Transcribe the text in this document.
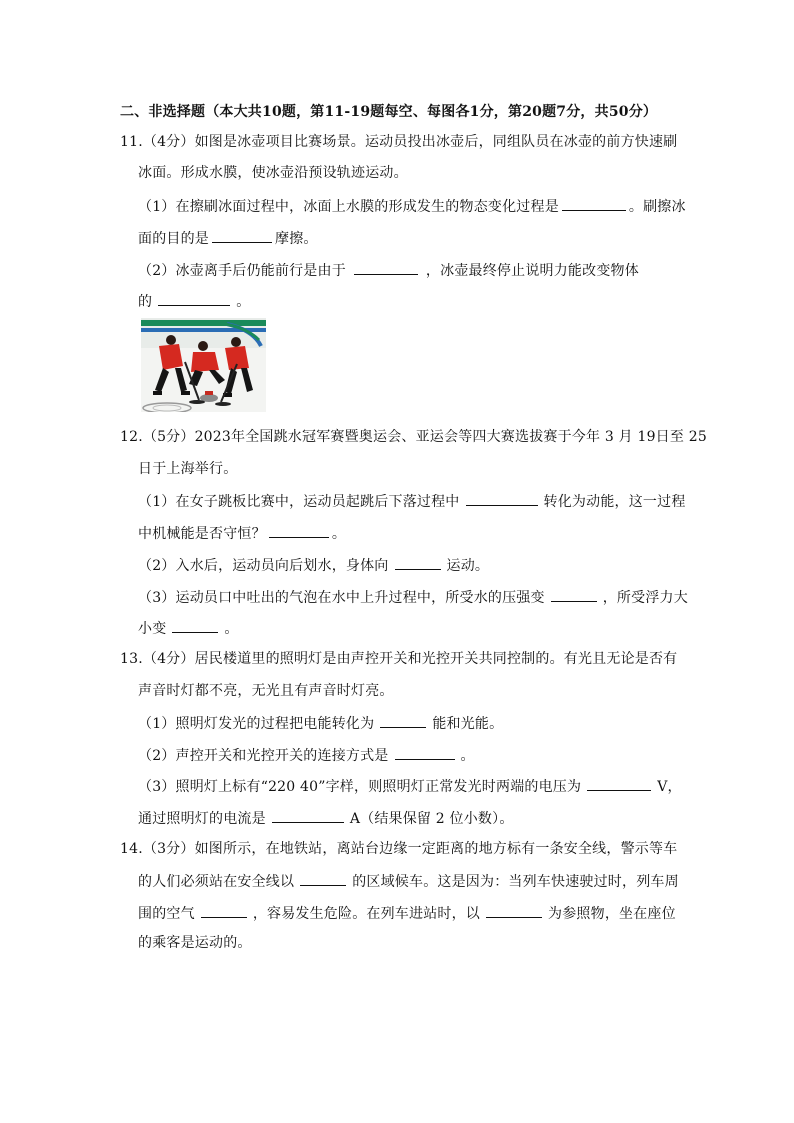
二、非选择题（本大共10题，第11-19题每空、每图各1分，第20题7分，共50分）
11.（4分）如图是冰壶项目比赛场景。运动员投出冰壶后，同组队员在冰壶的前方快速刷
冰面。形成水膜，使冰壶沿预设轨迹运动。
（1）在擦刷冰面过程中，冰面上水膜的形成发生的物态变化过程是	。刷擦冰
面的目的是	摩擦。
（2）冰壶离手后仍能前行是由于	，冰壶最终停止说明力能改变物体
的	。
12.（5分）2023年全国跳水冠军赛暨奥运会、亚运会等四大赛选拔赛于今年 3 月 19日至 25
日于上海举行。
（1）在女子跳板比赛中，运动员起跳后下落过程中	转化为动能，这一过程
中机械能是否守恒？	。
（2）入水后，运动员向后划水，身体向	运动。
（3）运动员口中吐出的气泡在水中上升过程中，所受水的压强变	，所受浮力大
小变	。
13.（4分）居民楼道里的照明灯是由声控开关和光控开关共同控制的。有光且无论是否有
声音时灯都不亮，无光且有声音时灯亮。
（1）照明灯发光的过程把电能转化为	能和光能。
（2）声控开关和光控开关的连接方式是	。
（3）照明灯上标有“220 40”字样，则照明灯正常发光时两端的电压为	V，
通过照明灯的电流是	A（结果保留 2 位小数）。
14.（3分）如图所示，在地铁站，离站台边缘一定距离的地方标有一条安全线，警示等车
的人们必须站在安全线以	的区域候车。这是因为：当列车快速驶过时，列车周
围的空气	，容易发生危险。在列车进站时，以	为参照物，坐在座位
的乘客是运动的。
